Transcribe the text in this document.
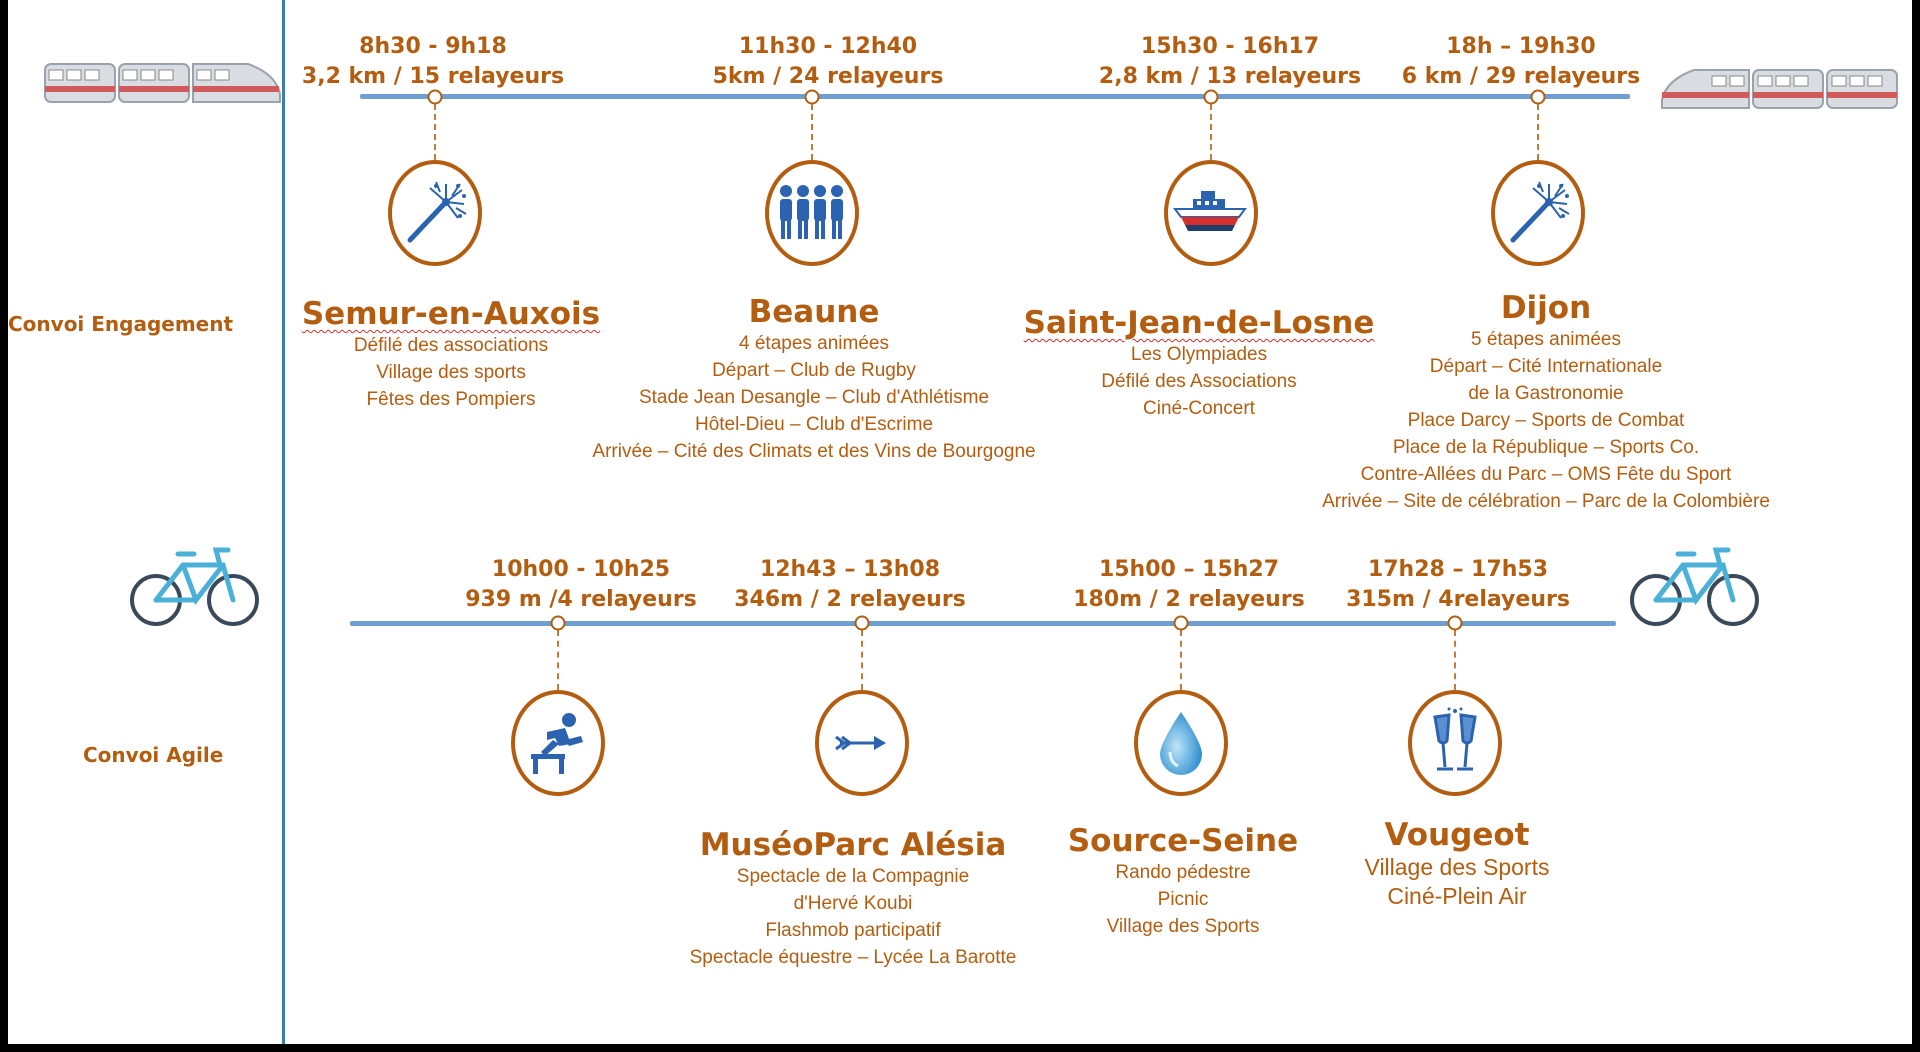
Convoi Engagement
Convoi Agile
8h30 - 9h18
3,2 km / 15 relayeurs
Semur-en-Auxois
Défilé des associations
Village des sports
Fêtes des Pompiers
11h30 - 12h40
5km / 24 relayeurs
Beaune
4 étapes animées
Départ – Club de Rugby
Stade Jean Desangle – Club d'Athlétisme
Hôtel-Dieu – Club d'Escrime
Arrivée – Cité des Climats et des Vins de Bourgogne
15h30 - 16h17
2,8 km / 13 relayeurs
Saint-Jean-de-Losne
Les Olympiades
Défilé des Associations
Ciné-Concert
18h – 19h30
6 km / 29 relayeurs
Dijon
5 étapes animées
Départ – Cité Internationale
de la Gastronomie
Place Darcy – Sports de Combat
Place de la République – Sports Co.
Contre-Allées du Parc – OMS Fête du Sport
Arrivée – Site de célébration – Parc de la Colombière
10h00 - 10h25
939 m /4 relayeurs
12h43 – 13h08
346m / 2 relayeurs
MuséoParc Alésia
Spectacle de la Compagnie
d'Hervé Koubi
Flashmob participatif
Spectacle équestre – Lycée La Barotte
15h00 – 15h27
180m / 2 relayeurs
Source-Seine
Rando pédestre
Picnic
Village des Sports
17h28 – 17h53
315m / 4relayeurs
Vougeot
Village des Sports
Ciné-Plein Air
